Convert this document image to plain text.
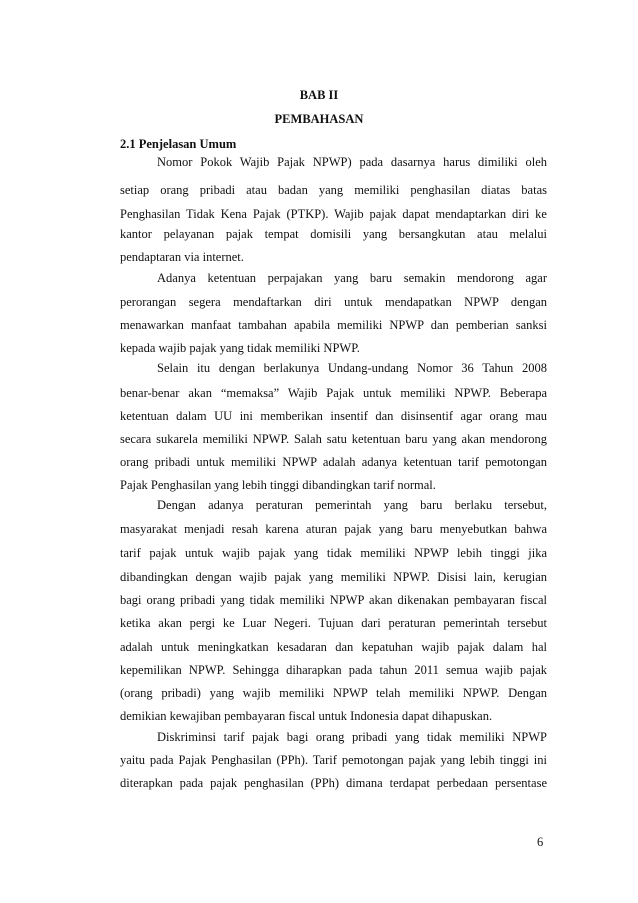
BAB II
PEMBAHASAN
2.1 Penjelasan Umum
Nomor Pokok Wajib Pajak NPWP) pada dasarnya harus dimiliki oleh
setiap orang pribadi atau badan yang memiliki penghasilan diatas batas
Penghasilan Tidak Kena Pajak (PTKP). Wajib pajak dapat mendaptarkan diri ke
kantor pelayanan pajak tempat domisili yang bersangkutan atau melalui
pendaptaran via internet.
Adanya ketentuan perpajakan yang baru semakin mendorong agar
perorangan segera mendaftarkan diri untuk mendapatkan NPWP dengan
menawarkan manfaat tambahan apabila memiliki NPWP dan pemberian sanksi
kepada wajib pajak yang tidak memiliki NPWP.
Selain itu dengan berlakunya Undang-undang Nomor 36 Tahun 2008
benar-benar akan “memaksa” Wajib Pajak untuk memiliki NPWP. Beberapa
ketentuan dalam UU ini memberikan insentif dan disinsentif agar orang mau
secara sukarela memiliki NPWP. Salah satu ketentuan baru yang akan mendorong
orang pribadi untuk memiliki NPWP adalah adanya ketentuan tarif pemotongan
Pajak Penghasilan yang lebih tinggi dibandingkan tarif normal.
Dengan adanya peraturan pemerintah yang baru berlaku tersebut,
masyarakat menjadi resah karena aturan pajak yang baru menyebutkan bahwa
tarif pajak untuk wajib pajak yang tidak memiliki NPWP lebih tinggi jika
dibandingkan dengan wajib pajak yang memiliki NPWP. Disisi lain, kerugian
bagi orang pribadi yang tidak memiliki NPWP akan dikenakan pembayaran fiscal
ketika akan pergi ke Luar Negeri. Tujuan dari peraturan pemerintah tersebut
adalah untuk meningkatkan kesadaran dan kepatuhan wajib pajak dalam hal
kepemilikan NPWP. Sehingga diharapkan pada tahun 2011 semua wajib pajak
(orang pribadi) yang wajib memiliki NPWP telah memiliki NPWP. Dengan
demikian kewajiban pembayaran fiscal untuk Indonesia dapat dihapuskan.
Diskriminsi tarif pajak bagi orang pribadi yang tidak memiliki NPWP
yaitu pada Pajak Penghasilan (PPh). Tarif pemotongan pajak yang lebih tinggi ini
diterapkan pada pajak penghasilan (PPh) dimana terdapat perbedaan persentase
6
